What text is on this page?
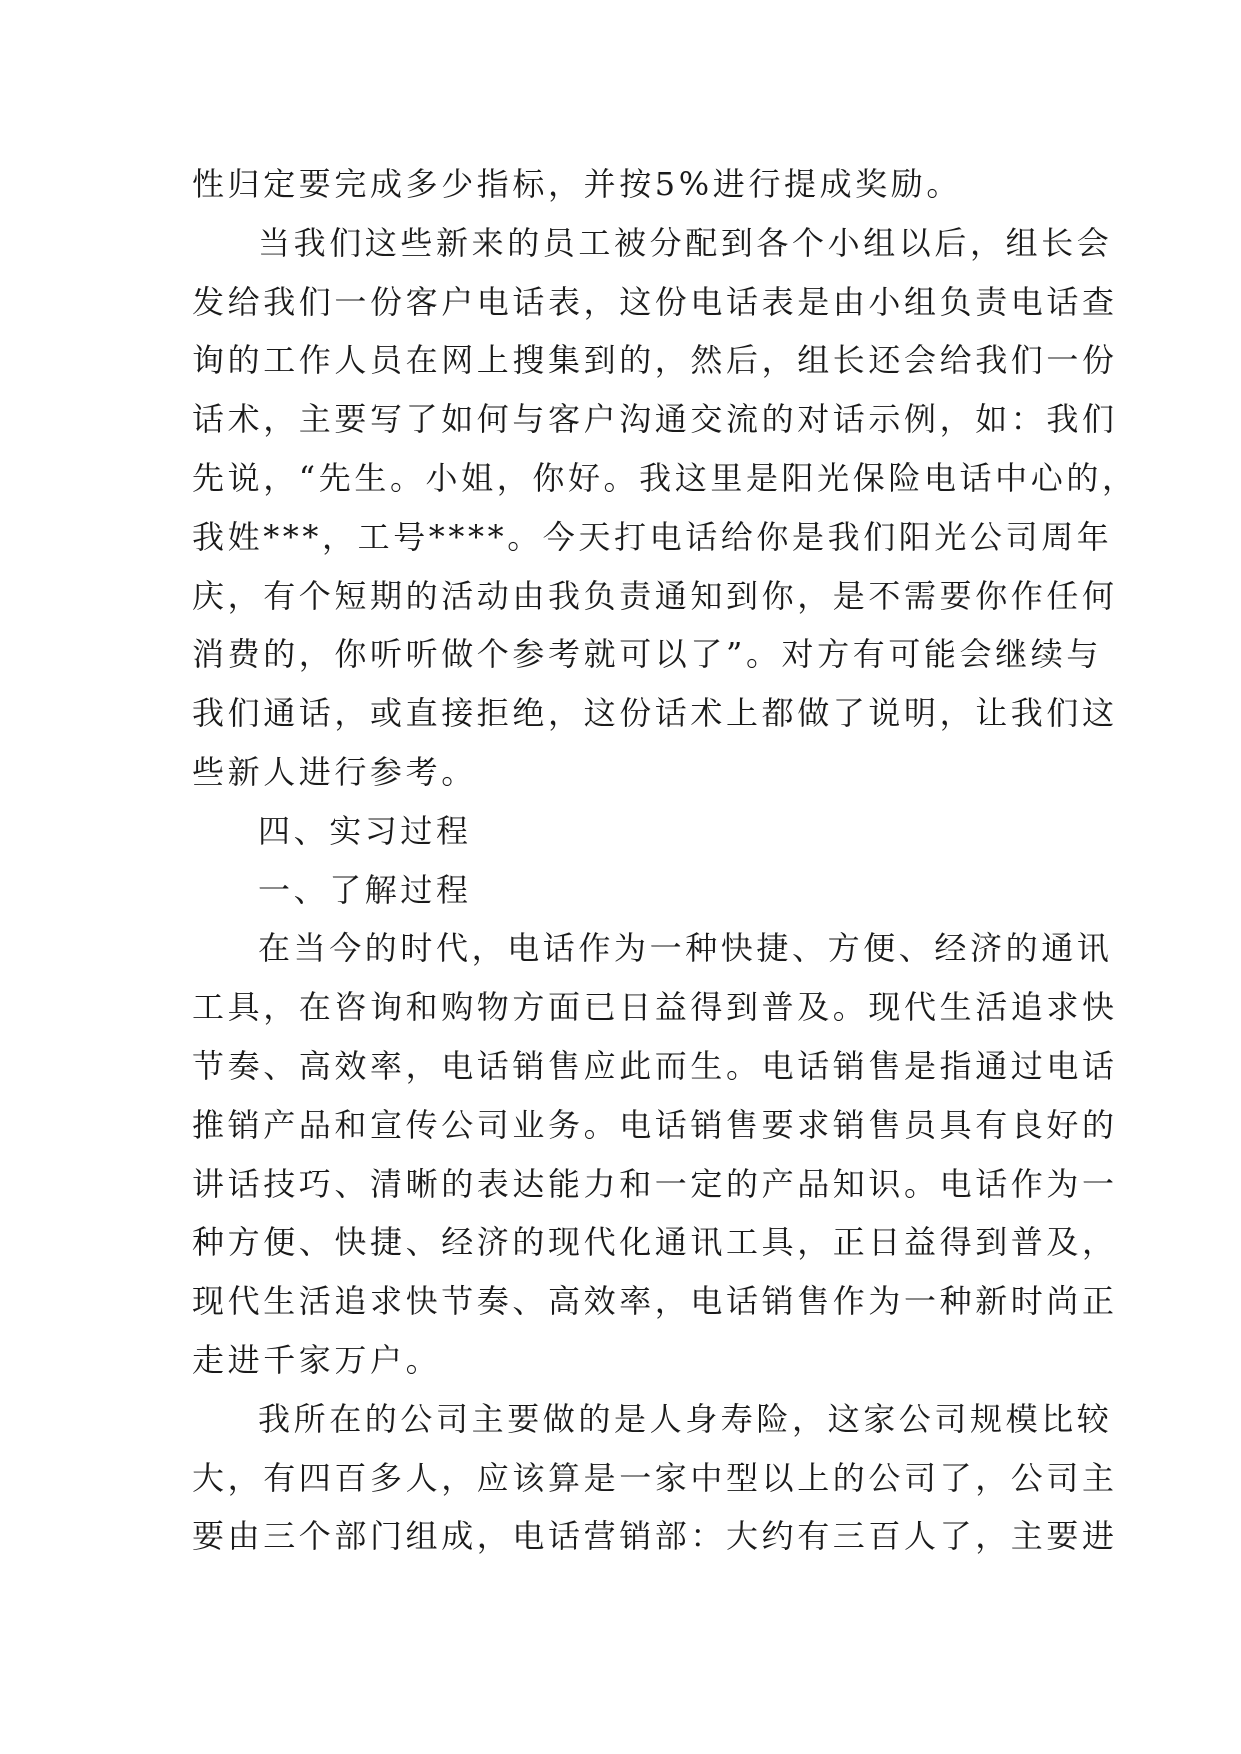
性归定要完成多少指标，并按5%进行提成奖励。

当我们这些新来的员工被分配到各个小组以后，组长会

发给我们一份客户电话表，这份电话表是由小组负责电话查

询的工作人员在网上搜集到的，然后，组长还会给我们一份

话术，主要写了如何与客户沟通交流的对话示例，如：我们

先说，“先生。小姐，你好。我这里是阳光保险电话中心的，

我姓***，工号****。今天打电话给你是我们阳光公司周年

庆，有个短期的活动由我负责通知到你，是不需要你作任何

消费的，你听听做个参考就可以了”。对方有可能会继续与

我们通话，或直接拒绝，这份话术上都做了说明，让我们这

些新人进行参考。

四、实习过程

一、了解过程

在当今的时代，电话作为一种快捷、方便、经济的通讯

工具，在咨询和购物方面已日益得到普及。现代生活追求快

节奏、高效率，电话销售应此而生。电话销售是指通过电话

推销产品和宣传公司业务。电话销售要求销售员具有良好的

讲话技巧、清晰的表达能力和一定的产品知识。电话作为一

种方便、快捷、经济的现代化通讯工具，正日益得到普及，

现代生活追求快节奏、高效率，电话销售作为一种新时尚正

走进千家万户。

我所在的公司主要做的是人身寿险，这家公司规模比较

大，有四百多人，应该算是一家中型以上的公司了，公司主

要由三个部门组成，电话营销部：大约有三百人了，主要进
